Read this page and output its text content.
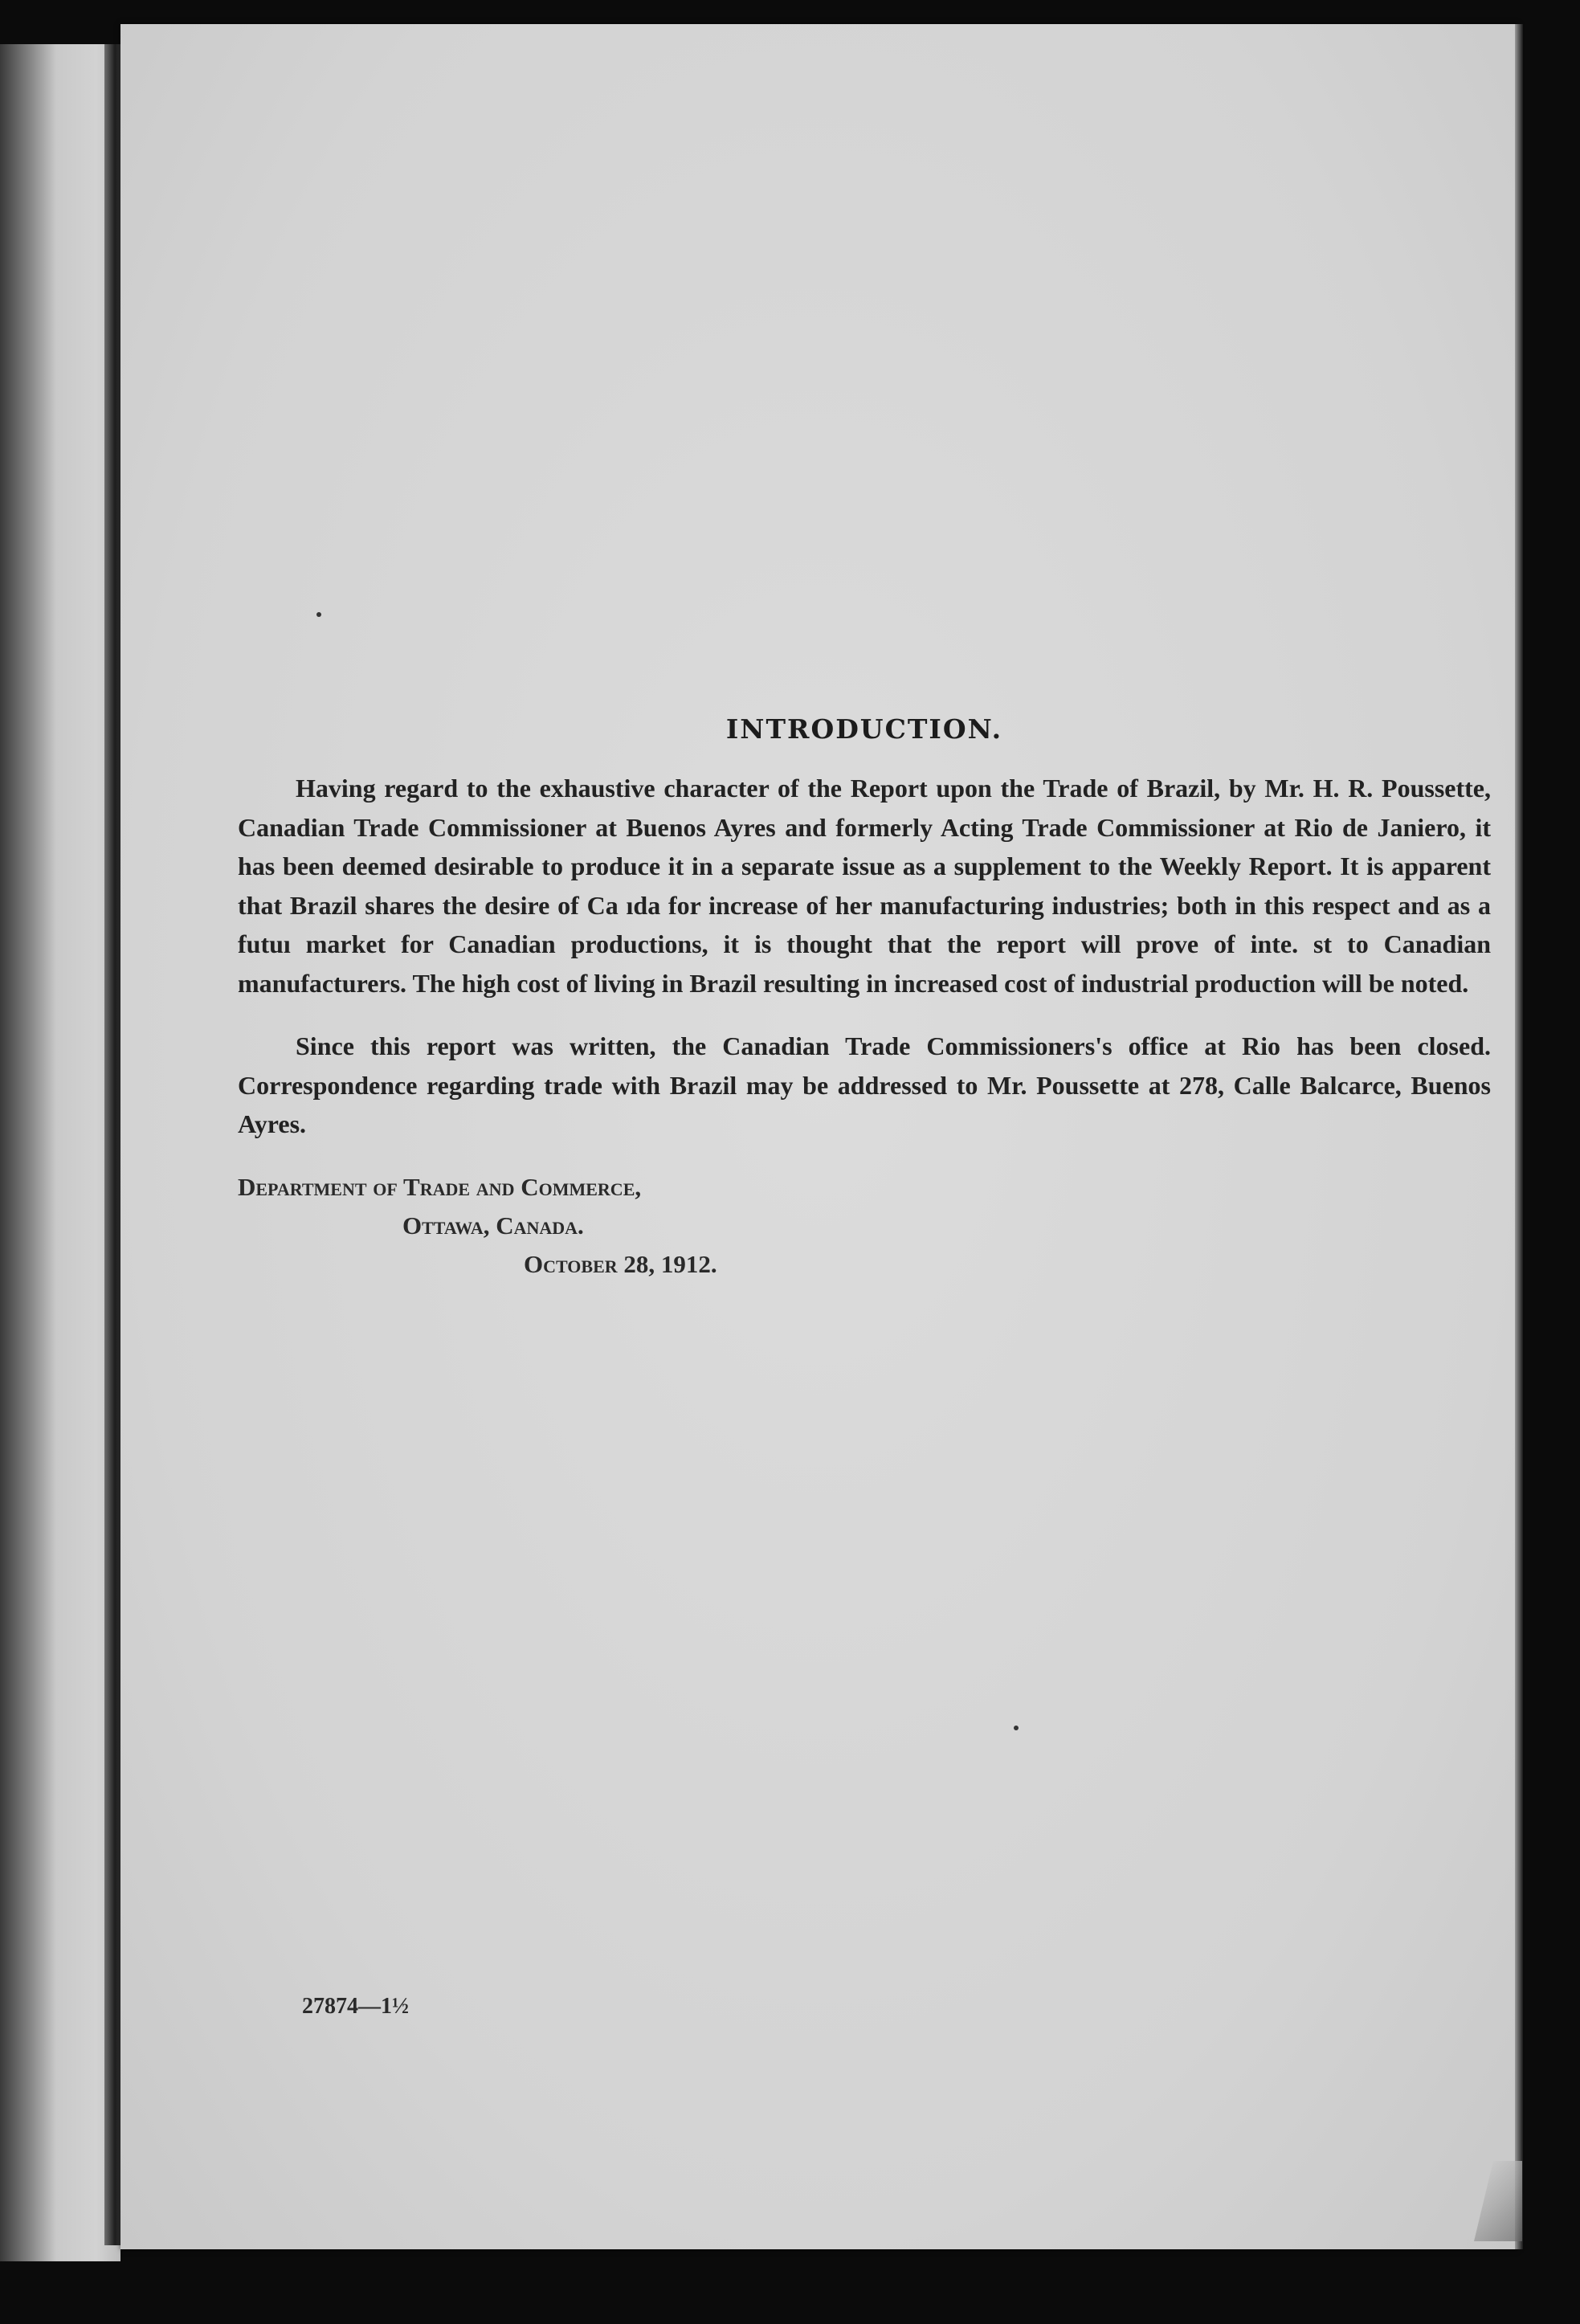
INTRODUCTION.

Having regard to the exhaustive character of the Report upon the Trade of Brazil, by Mr. H. R. Poussette, Canadian Trade Commissioner at Buenos Ayres and formerly Acting Trade Commissioner at Rio de Janiero, it has been deemed desirable to produce it in a separate issue as a supplement to the Weekly Report. It is apparent that Brazil shares the desire of Ca ıda for increase of her manufacturing industries; both in this respect and as a futuı market for Canadian productions, it is thought that the report will prove of inte. st to Canadian manufacturers. The high cost of living in Brazil resulting in increased cost of industrial production will be noted.

Since this report was written, the Canadian Trade Commissioners's office at Rio has been closed. Correspondence regarding trade with Brazil may be addressed to Mr. Poussette at 278, Calle Balcarce, Buenos Ayres.

Department of Trade and Commerce,
Ottawa, Canada.
October 28, 1912.
27874—1½
